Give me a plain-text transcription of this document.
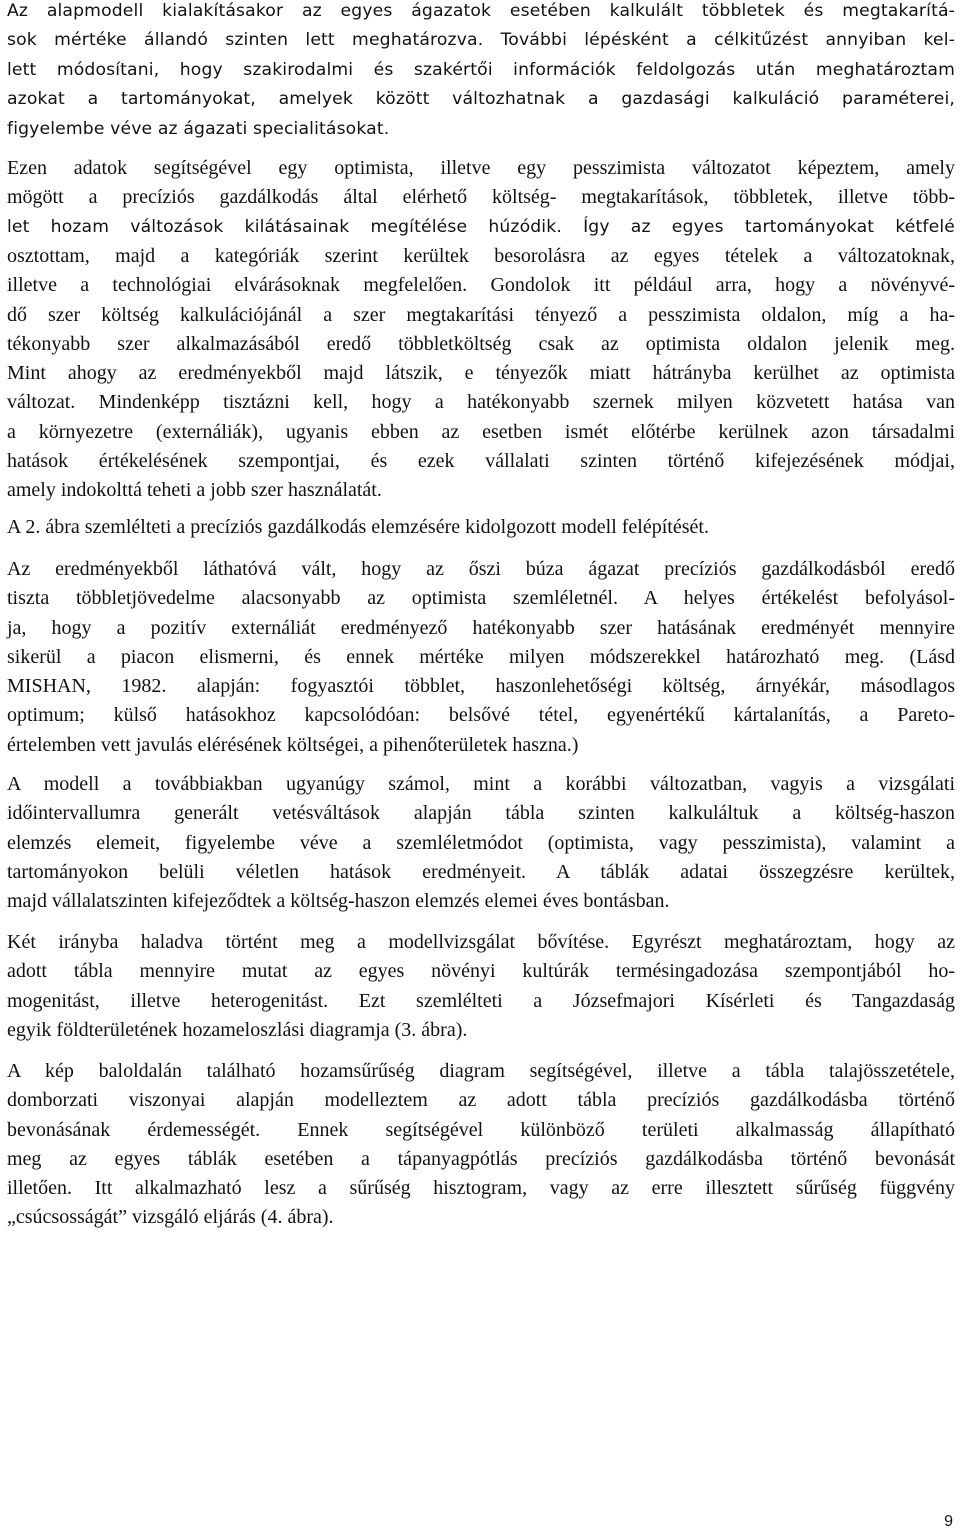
Az alapmodell kialakításakor az egyes ágazatok esetében kalkulált többletek és megtakarítá-
sok mértéke állandó szinten lett meghatározva. További lépésként a célkitűzést annyiban kel-
lett módosítani, hogy szakirodalmi és szakértői információk feldolgozás után meghatároztam
azokat a tartományokat, amelyek között változhatnak a gazdasági kalkuláció paraméterei,
figyelembe véve az ágazati specialitásokat.

Ezen adatok segítségével egy optimista, illetve egy pesszimista változatot képeztem, amely
mögött a precíziós gazdálkodás által elérhető költség- megtakarítások, többletek, illetve több-
let hozam változások kilátásainak megítélése húzódik. Így az egyes tartományokat kétfelé
osztottam, majd a kategóriák szerint kerültek besorolásra az egyes tételek a változatoknak,
illetve a technológiai elvárásoknak megfelelően. Gondolok itt például arra, hogy a növényvé-
dő szer költség kalkulációjánál a szer megtakarítási tényező a pesszimista oldalon, míg a ha-
tékonyabb szer alkalmazásából eredő többletköltség csak az optimista oldalon jelenik meg.
Mint ahogy az eredményekből majd látszik, e tényezők miatt hátrányba kerülhet az optimista
változat. Mindenképp tisztázni kell, hogy a hatékonyabb szernek milyen közvetett hatása van
a környezetre (externáliák), ugyanis ebben az esetben ismét előtérbe kerülnek azon társadalmi
hatások értékelésének szempontjai, és ezek vállalati szinten történő kifejezésének módjai,
amely indokolttá teheti a jobb szer használatát.

A 2. ábra szemlélteti a precíziós gazdálkodás elemzésére kidolgozott modell felépítését.

Az eredményekből láthatóvá vált, hogy az őszi búza ágazat precíziós gazdálkodásból eredő
tiszta többletjövedelme alacsonyabb az optimista szemléletnél. A helyes értékelést befolyásol-
ja, hogy a pozitív externáliát eredményező hatékonyabb szer hatásának eredményét mennyire
sikerül a piacon elismerni, és ennek mértéke milyen módszerekkel határozható meg. (Lásd
MISHAN, 1982. alapján: fogyasztói többlet, haszonlehetőségi költség, árnyékár, másodlagos
optimum; külső hatásokhoz kapcsolódóan: belsővé tétel, egyenértékű kártalanítás, a Pareto-
értelemben vett javulás elérésének költségei, a pihenőterületek haszna.)

A modell a továbbiakban ugyanúgy számol, mint a korábbi változatban, vagyis a vizsgálati
időintervallumra generált vetésváltások alapján tábla szinten kalkuláltuk a költség-haszon
elemzés elemeit, figyelembe véve a szemléletmódot (optimista, vagy pesszimista), valamint a
tartományokon belüli véletlen hatások eredményeit. A táblák adatai összegzésre kerültek,
majd vállalatszinten kifejeződtek a költség-haszon elemzés elemei éves bontásban.

Két irányba haladva történt meg a modellvizsgálat bővítése. Egyrészt meghatároztam, hogy az
adott tábla mennyire mutat az egyes növényi kultúrák termésingadozása szempontjából ho-
mogenitást, illetve heterogenitást. Ezt szemlélteti a Józsefmajori Kísérleti és Tangazdaság
egyik földterületének hozameloszlási diagramja (3. ábra).

A kép baloldalán található hozamsűrűség diagram segítségével, illetve a tábla talajösszetétele,
domborzati viszonyai alapján modelleztem az adott tábla precíziós gazdálkodásba történő
bevonásának érdemességét. Ennek segítségével különböző területi alkalmasság állapítható
meg az egyes táblák esetében a tápanyagpótlás precíziós gazdálkodásba történő bevonását
illetően. Itt alkalmazható lesz a sűrűség hisztogram, vagy az erre illesztett sűrűség függvény
„csúcsosságát” vizsgáló eljárás (4. ábra).

9
